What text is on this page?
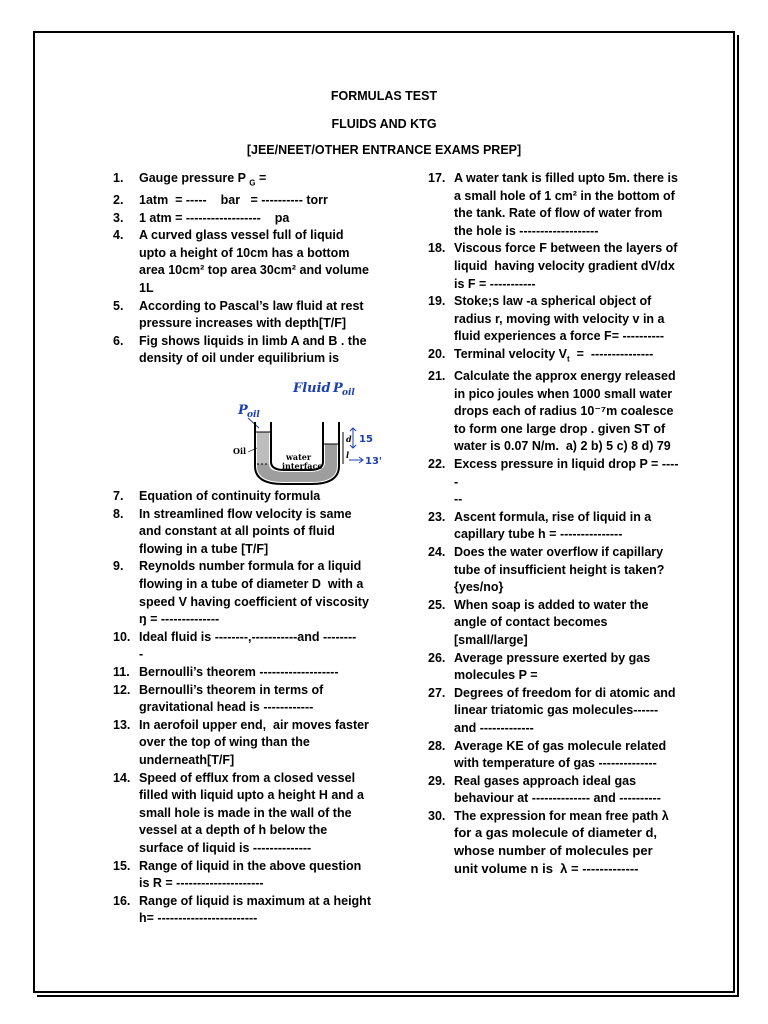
FORMULAS TEST
FLUIDS AND KTG
[JEE/NEET/OTHER ENTRANCE EXAMS PREP]
1.	Gauge pressure P $_G$ =
2.	1atm  = -----    bar   = ---------- torr
3.	1 atm = ------------------    pa
4.	A curved glass vessel full of liquid upto a height of 10cm has a bottom area 10cm² top area 30cm² and volume 1L
5.	According to Pascal’s law fluid at rest pressure increases with depth[T/F]
6.	Fig shows liquids in limb A and B . the density of oil under equilibrium is
Fluid P oil
P oil
d
l
Oil
water
interface
15
13'
7.	Equation of continuity formula
8.	In streamlined flow velocity is same and constant at all points of fluid flowing in a tube [T/F]
9.	Reynolds number formula for a liquid flowing in a tube of diameter D  with a speed V having coefficient of viscosity ŋ = --------------
10. Ideal fluid is --------,-----------and --------
-
11. Bernoulli’s theorem -------------------
12. Bernoulli’s theorem in terms of gravitational head is ------------
13. In aerofoil upper end,  air moves faster over the top of wing than the underneath[T/F]
14. Speed of efflux from a closed vessel filled with liquid upto a height H and a small hole is made in the wall of the vessel at a depth of h below the surface of liquid is --------------
15. Range of liquid in the above question is R = ---------------------
16. Range of liquid is maximum at a height h= ------------------------
17. A water tank is filled upto 5m. there is a small hole of 1 cm² in the bottom of the tank. Rate of flow of water from the hole is -------------------
18. Viscous force F between the layers of liquid  having velocity gradient dV/dx is F = -----------
19. Stoke;s law -a spherical object of radius r, moving with velocity v in a fluid experiences a force F= ----------
20. Terminal velocity $V_t$  =  ---------------
21. Calculate the approx energy released in pico joules when 1000 small water drops each of radius 10⁻⁷m coalesce to form one large drop . given ST of water is 0.07 N/m.  a) 2 b) 5 c) 8 d) 79
22. Excess pressure in liquid drop P = -----
--
23. Ascent formula, rise of liquid in a capillary tube h = ---------------
24. Does the water overflow if capillary tube of insufficient height is taken? {yes/no}
25. When soap is added to water the angle of contact becomes [small/large]
26. Average pressure exerted by gas molecules P =
27. Degrees of freedom for di atomic and linear triatomic gas molecules------ and -------------
28. Average KE of gas molecule related with temperature of gas --------------
29. Real gases approach ideal gas behaviour at -------------- and ----------
30. The expression for mean free path λ
for a gas molecule of diameter d, whose number of molecules per unit volume n is  λ = -------------
